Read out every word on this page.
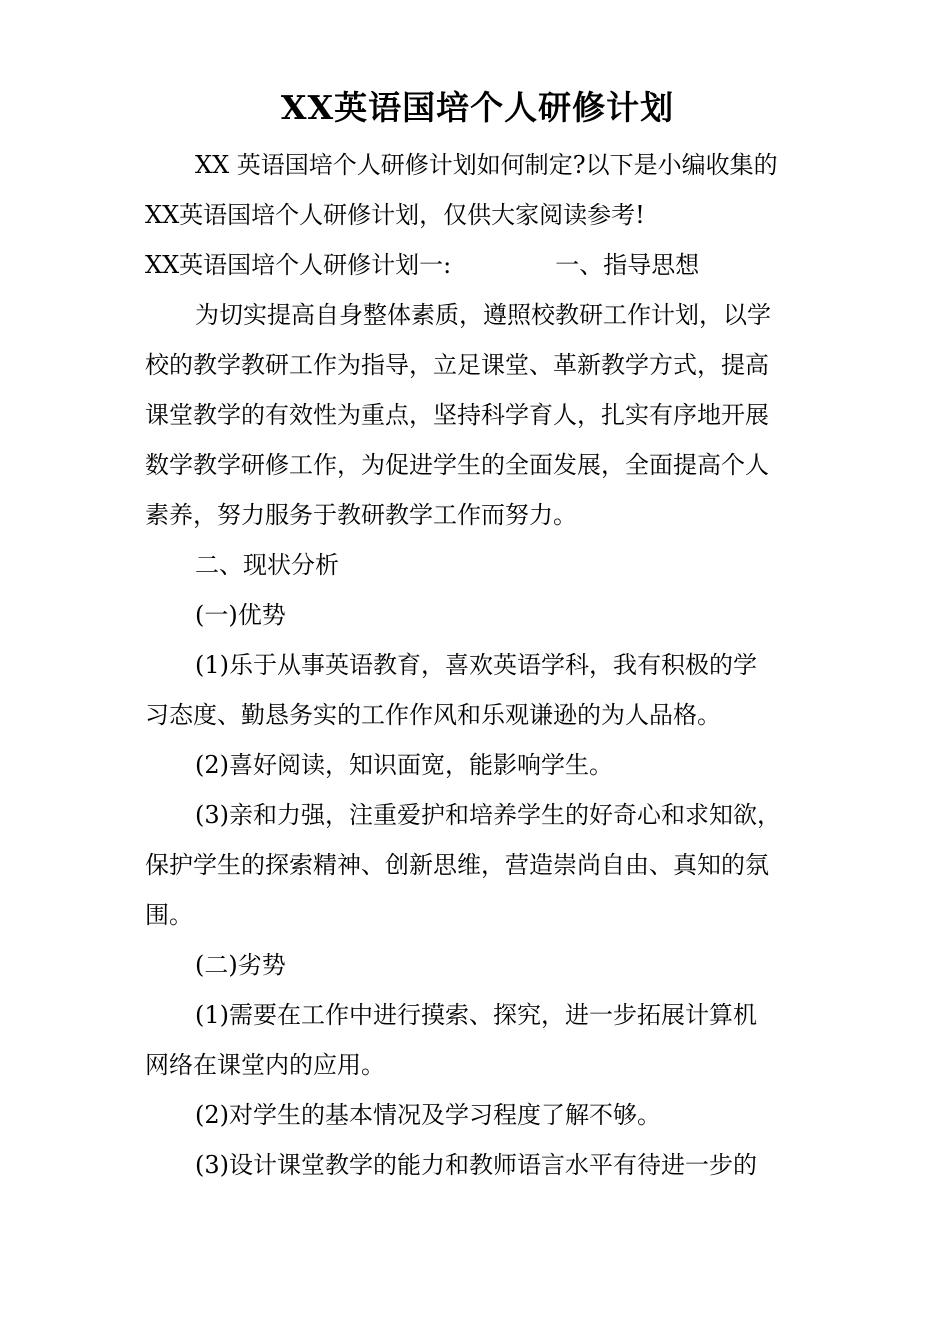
XX英语国培个人研修计划

XX 英语国培个人研修计划如何制定?以下是小编收集的

XX英语国培个人研修计划，仅供大家阅读参考!

XX英语国培个人研修计划一:	一、指导思想

为切实提高自身整体素质，遵照校教研工作计划，以学

校的教学教研工作为指导，立足课堂、革新教学方式，提高

课堂教学的有效性为重点，坚持科学育人，扎实有序地开展

数学教学研修工作，为促进学生的全面发展，全面提高个人

素养，努力服务于教研教学工作而努力。

二、现状分析

(一)优势

(1)乐于从事英语教育，喜欢英语学科，我有积极的学

习态度、勤恳务实的工作作风和乐观谦逊的为人品格。

(2)喜好阅读，知识面宽，能影响学生。

(3)亲和力强，注重爱护和培养学生的好奇心和求知欲，

保护学生的探索精神、创新思维，营造崇尚自由、真知的氛

围。

(二)劣势

(1)需要在工作中进行摸索、探究，进一步拓展计算机

网络在课堂内的应用。

(2)对学生的基本情况及学习程度了解不够。

(3)设计课堂教学的能力和教师语言水平有待进一步的
